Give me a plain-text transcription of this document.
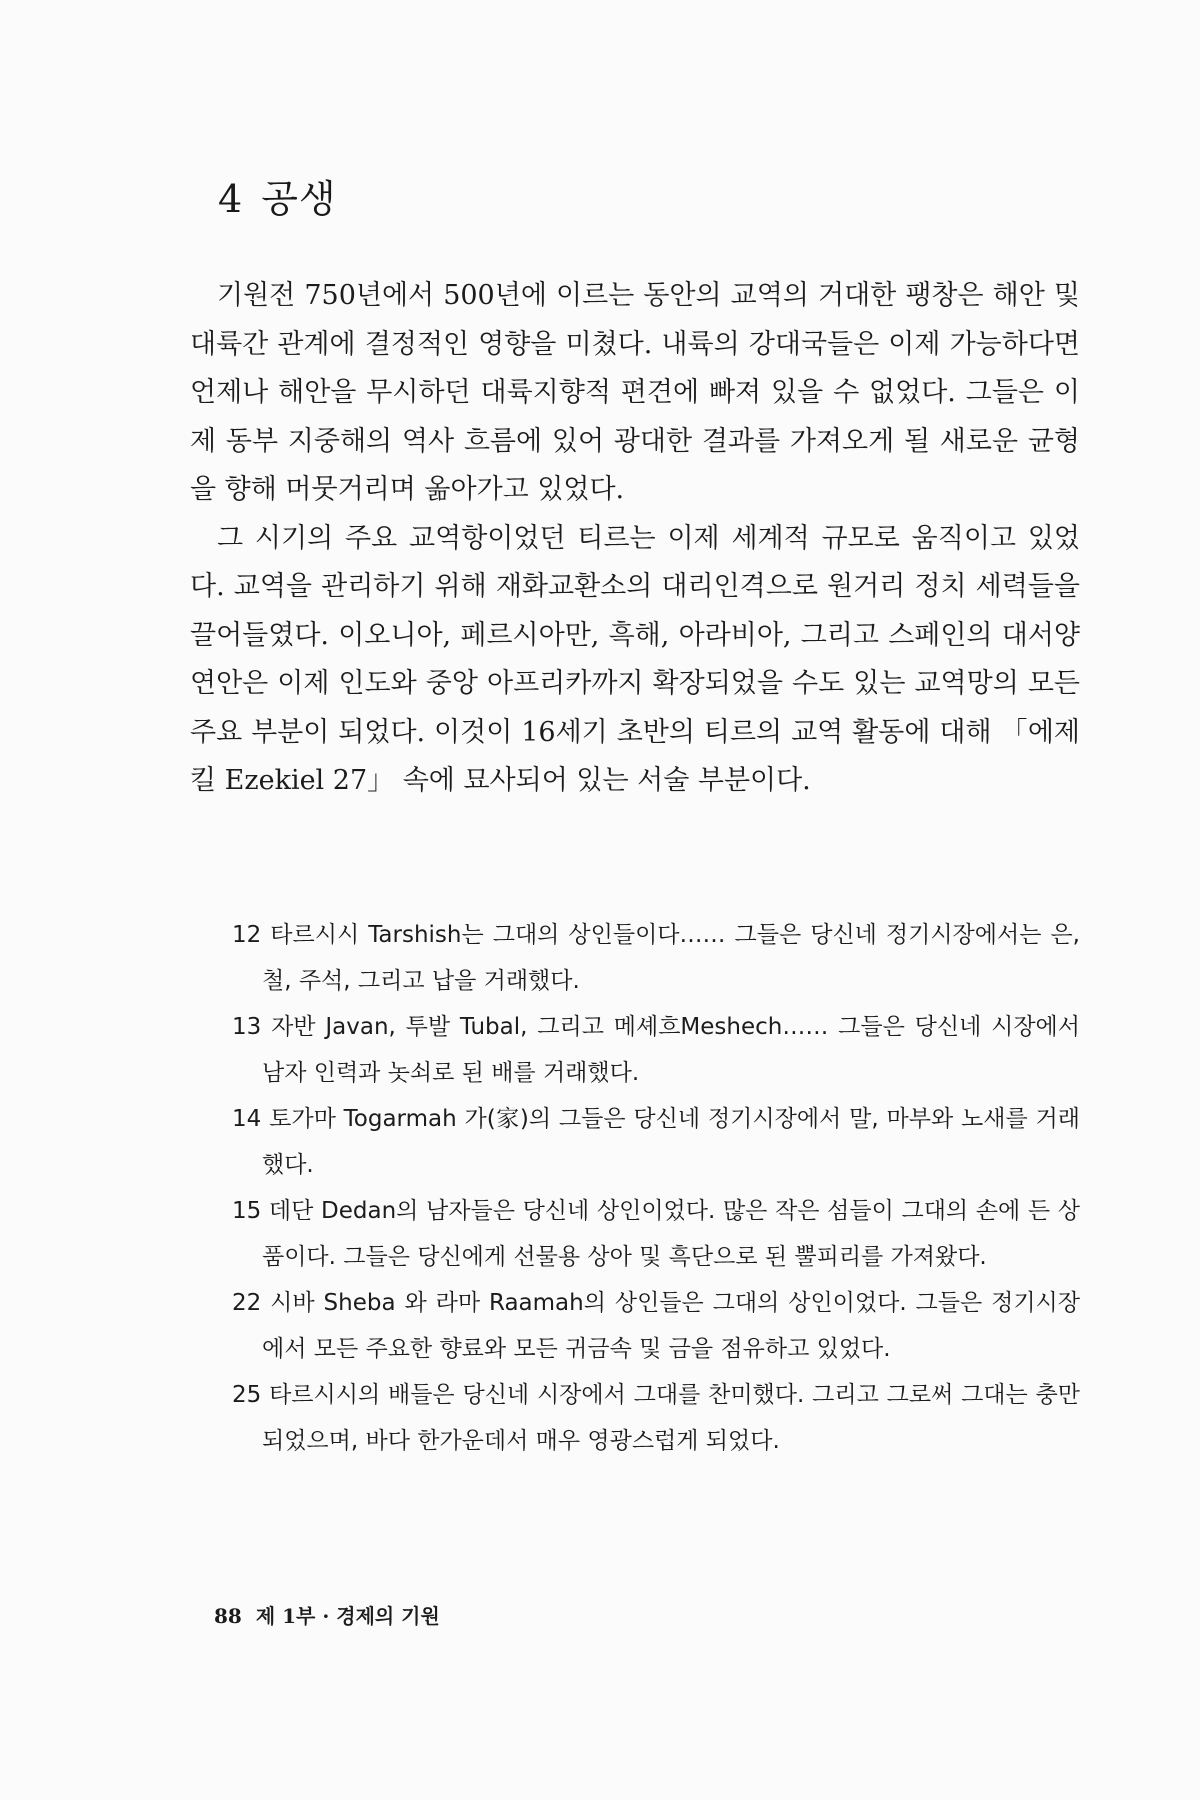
4 공생

기원전 750년에서 500년에 이르는 동안의 교역의 거대한 팽창은 해안 및 대륙간 관계에 결정적인 영향을 미쳤다. 내륙의 강대국들은 이제 가능하다면 언제나 해안을 무시하던 대륙지향적 편견에 빠져 있을 수 없었다. 그들은 이제 동부 지중해의 역사 흐름에 있어 광대한 결과를 가져오게 될 새로운 균형을 향해 머뭇거리며 옮아가고 있었다.

그 시기의 주요 교역항이었던 티르는 이제 세계적 규모로 움직이고 있었다. 교역을 관리하기 위해 재화교환소의 대리인격으로 원거리 정치 세력들을 끌어들였다. 이오니아, 페르시아만, 흑해, 아라비아, 그리고 스페인의 대서양 연안은 이제 인도와 중앙 아프리카까지 확장되었을 수도 있는 교역망의 모든 주요 부분이 되었다. 이것이 16세기 초반의 티르의 교역 활동에 대해 「에제킬 Ezekiel 27」 속에 묘사되어 있는 서술 부분이다.

12 타르시시 Tarshish는 그대의 상인들이다…… 그들은 당신네 정기시장에서는 은, 철, 주석, 그리고 납을 거래했다.

13 자반 Javan, 투발 Tubal, 그리고 메셰흐Meshech…… 그들은 당신네 시장에서 남자 인력과 놋쇠로 된 배를 거래했다.

14 토가마 Togarmah 가(家)의 그들은 당신네 정기시장에서 말, 마부와 노새를 거래했다.

15 데단 Dedan의 남자들은 당신네 상인이었다. 많은 작은 섬들이 그대의 손에 든 상품이다. 그들은 당신에게 선물용 상아 및 흑단으로 된 뿔피리를 가져왔다.

22 시바 Sheba 와 라마 Raamah의 상인들은 그대의 상인이었다. 그들은 정기시장에서 모든 주요한 향료와 모든 귀금속 및 금을 점유하고 있었다.

25 타르시시의 배들은 당신네 시장에서 그대를 찬미했다. 그리고 그로써 그대는 충만되었으며, 바다 한가운데서 매우 영광스럽게 되었다.

88 제 1부 · 경제의 기원
